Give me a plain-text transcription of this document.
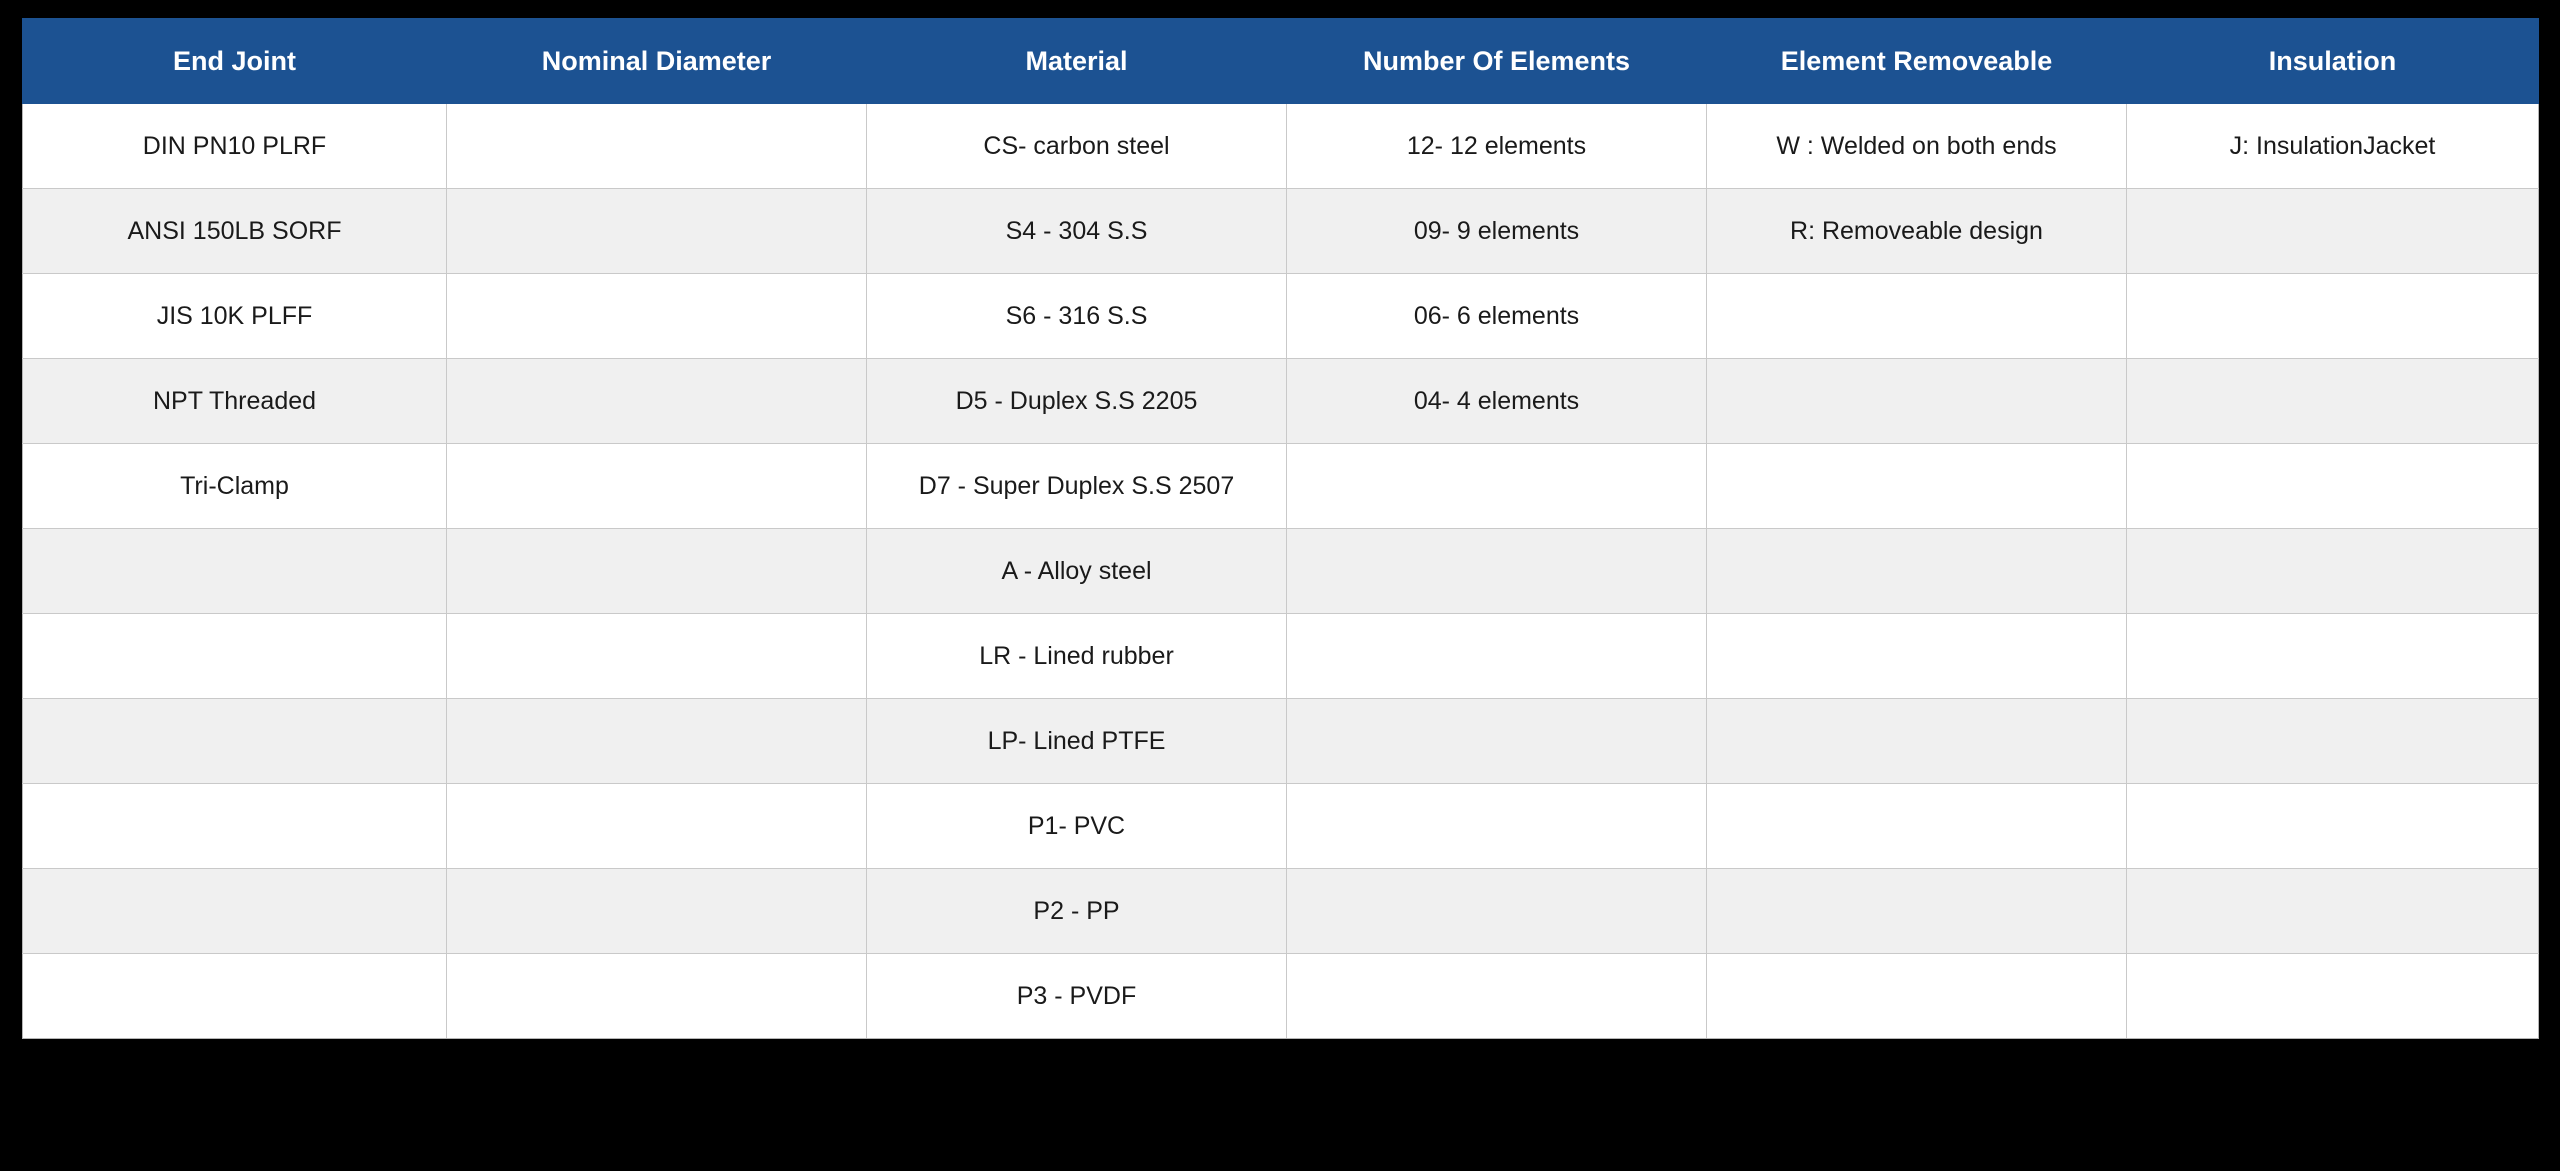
End Joint	Nominal Diameter	Material	Number Of Elements	Element Removeable	Insulation
DIN PN10 PLRF		CS- carbon steel	12- 12 elements	W : Welded on both ends	J: InsulationJacket
ANSI 150LB SORF		S4 - 304 S.S	09- 9 elements	R: Removeable design	
JIS 10K PLFF		S6 - 316 S.S	06- 6 elements		
NPT Threaded		D5 - Duplex S.S 2205	04- 4 elements		
Tri-Clamp		D7 - Super Duplex S.S 2507			
		A - Alloy steel			
		LR - Lined rubber			
		LP- Lined PTFE			
		P1- PVC			
		P2 - PP			
		P3 - PVDF			
